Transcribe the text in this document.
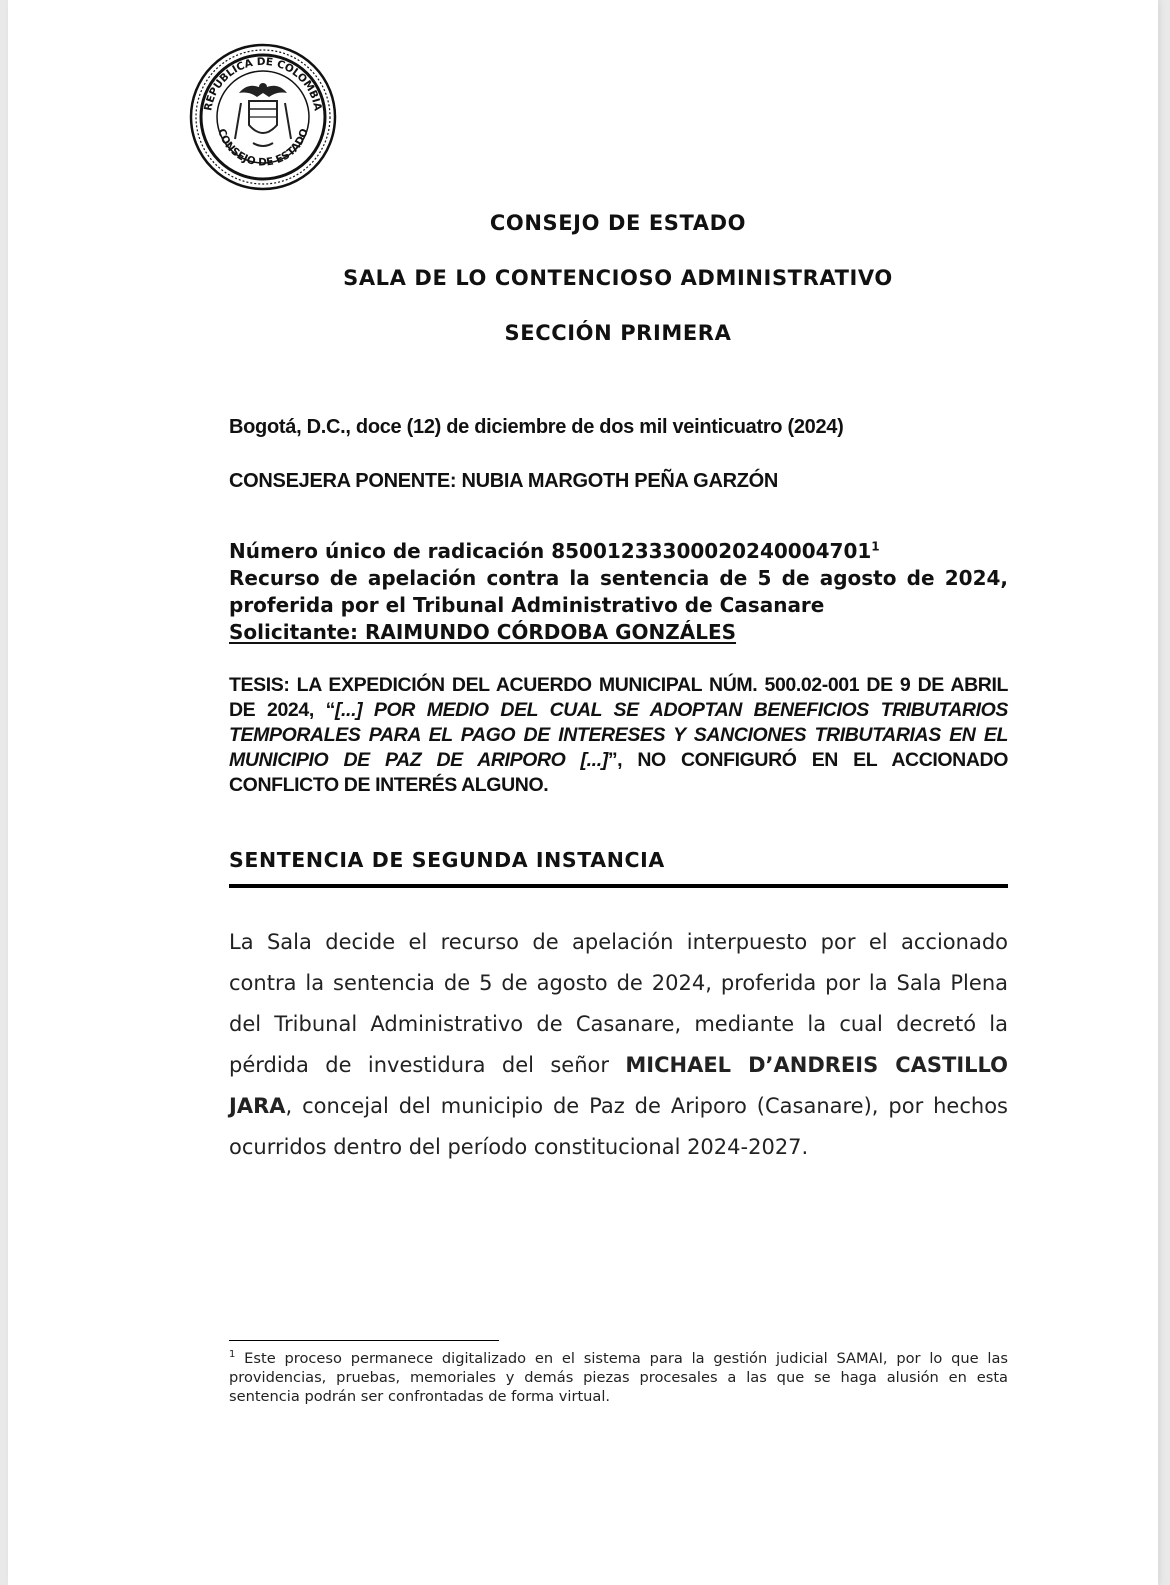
REPÚBLICA DE COLOMBIA
CONSEJO DE ESTADO
CONSEJO DE ESTADO
SALA DE LO CONTENCIOSO ADMINISTRATIVO
SECCIÓN PRIMERA
Bogotá, D.C., doce (12) de diciembre de dos mil veinticuatro (2024)
CONSEJERA PONENTE: NUBIA MARGOTH PEÑA GARZÓN
Número único de radicación 85001233300020240004701$^1$
Recurso de apelación contra la sentencia de 5 de agosto de 2024,
proferida por el Tribunal Administrativo de Casanare
Solicitante: RAIMUNDO CÓRDOBA GONZÁLES
TESIS: LA EXPEDICIÓN DEL ACUERDO MUNICIPAL NÚM. 500.02-001 DE 9 DE ABRIL DE 2024, “[...] POR MEDIO DEL CUAL SE ADOPTAN BENEFICIOS TRIBUTARIOS TEMPORALES PARA EL PAGO DE INTERESES Y SANCIONES TRIBUTARIAS EN EL MUNICIPIO DE PAZ DE ARIPORO [...]”, NO CONFIGURÓ EN EL ACCIONADO CONFLICTO DE INTERÉS ALGUNO.
SENTENCIA DE SEGUNDA INSTANCIA
La Sala decide el recurso de apelación interpuesto por el accionado contra la sentencia de 5 de agosto de 2024, proferida por la Sala Plena del Tribunal Administrativo de Casanare, mediante la cual decretó la pérdida de investidura del señor MICHAEL D’ANDREIS CASTILLO JARA, concejal del municipio de Paz de Ariporo (Casanare), por hechos ocurridos dentro del período constitucional 2024-2027.
$^1$ Este proceso permanece digitalizado en el sistema para la gestión judicial SAMAI, por lo que las providencias, pruebas, memoriales y demás piezas procesales a las que se haga alusión en esta sentencia podrán ser confrontadas de forma virtual.
